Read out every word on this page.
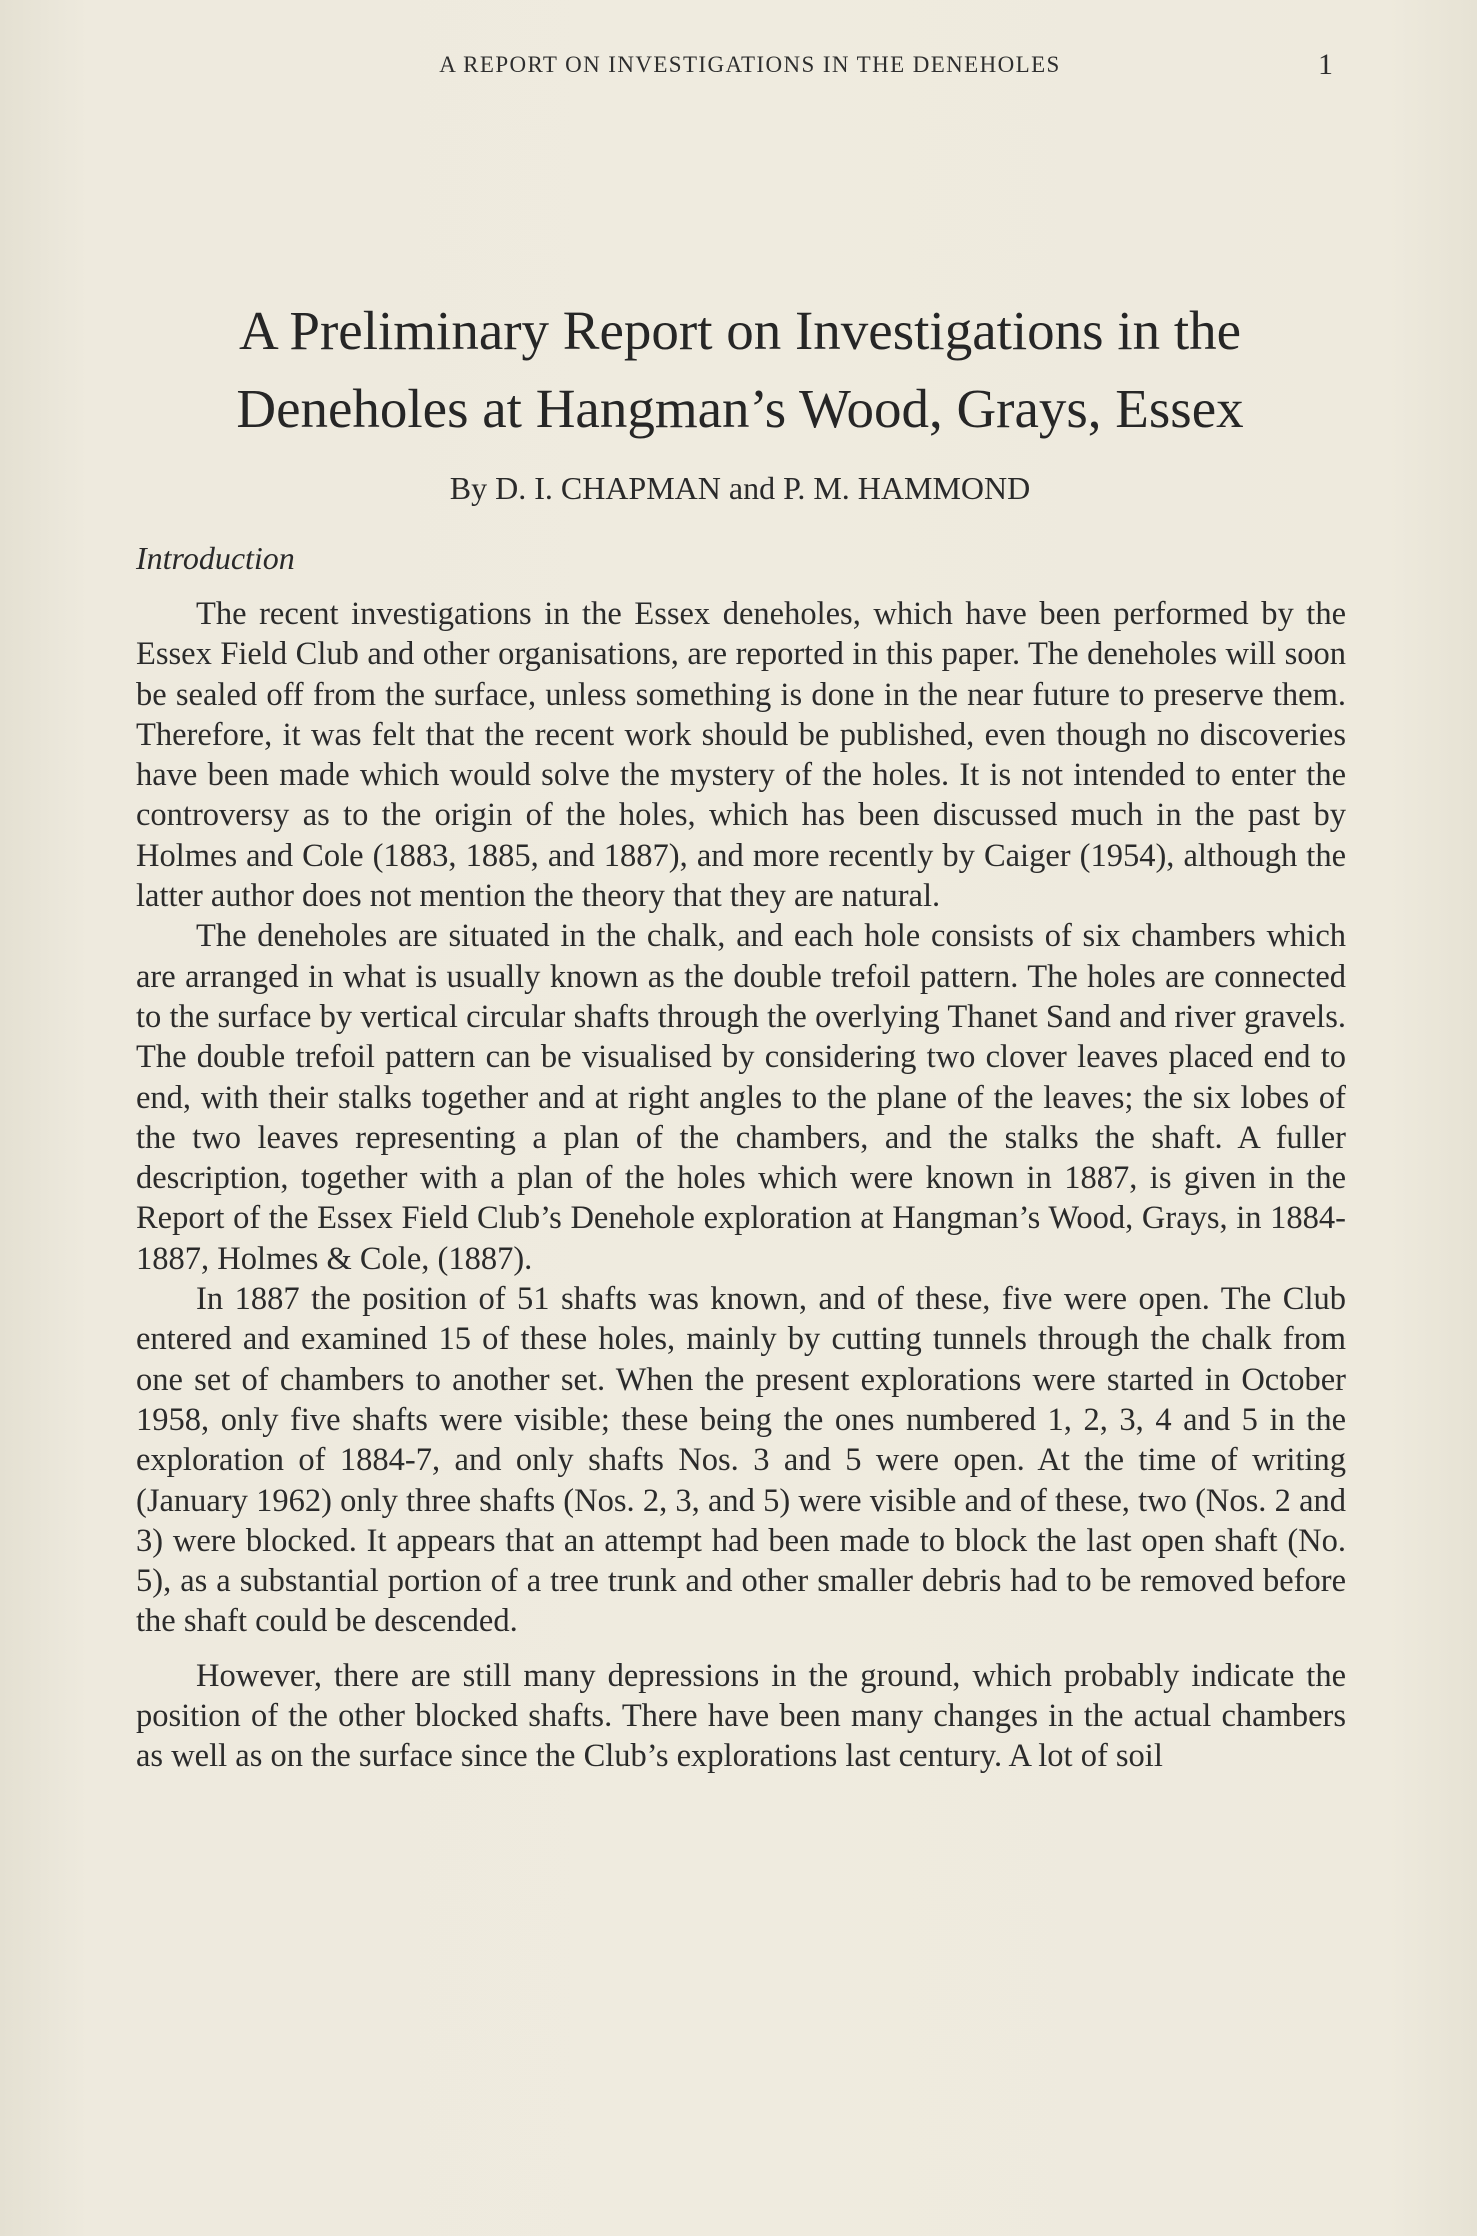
A REPORT ON INVESTIGATIONS IN THE DENEHOLES	1
A Preliminary Report on Investigations in the
Deneholes at Hangman’s Wood, Grays, Essex
By D. I. CHAPMAN and P. M. HAMMOND
Introduction

The recent investigations in the Essex deneholes, which have been performed by the Essex Field Club and other organisations, are reported in this paper. The deneholes will soon be sealed off from the surface, unless something is done in the near future to preserve them. Therefore, it was felt that the recent work should be published, even though no discoveries have been made which would solve the mystery of the holes. It is not intended to enter the controversy as to the origin of the holes, which has been discussed much in the past by Holmes and Cole (1883, 1885, and 1887), and more recently by Caiger (1954), although the latter author does not mention the theory that they are natural.

The deneholes are situated in the chalk, and each hole consists of six chambers which are arranged in what is usually known as the double trefoil pattern. The holes are connected to the surface by vertical circular shafts through the overlying Thanet Sand and river gravels. The double trefoil pattern can be visualised by considering two clover leaves placed end to end, with their stalks together and at right angles to the plane of the leaves; the six lobes of the two leaves representing a plan of the chambers, and the stalks the shaft. A fuller description, together with a plan of the holes which were known in 1887, is given in the Report of the Essex Field Club’s Denehole exploration at Hangman’s Wood, Grays, in 1884-1887, Holmes & Cole, (1887).

In 1887 the position of 51 shafts was known, and of these, five were open. The Club entered and examined 15 of these holes, mainly by cutting tunnels through the chalk from one set of chambers to another set. When the present explorations were started in October 1958, only five shafts were visible; these being the ones numbered 1, 2, 3, 4 and 5 in the exploration of 1884-7, and only shafts Nos. 3 and 5 were open. At the time of writing (January 1962) only three shafts (Nos. 2, 3, and 5) were visible and of these, two (Nos. 2 and 3) were blocked. It appears that an attempt had been made to block the last open shaft (No. 5), as a substantial portion of a tree trunk and other smaller debris had to be removed before the shaft could be descended.

However, there are still many depressions in the ground, which probably indicate the position of the other blocked shafts. There have been many changes in the actual chambers as well as on the surface since the Club’s explorations last century. A lot of soil
